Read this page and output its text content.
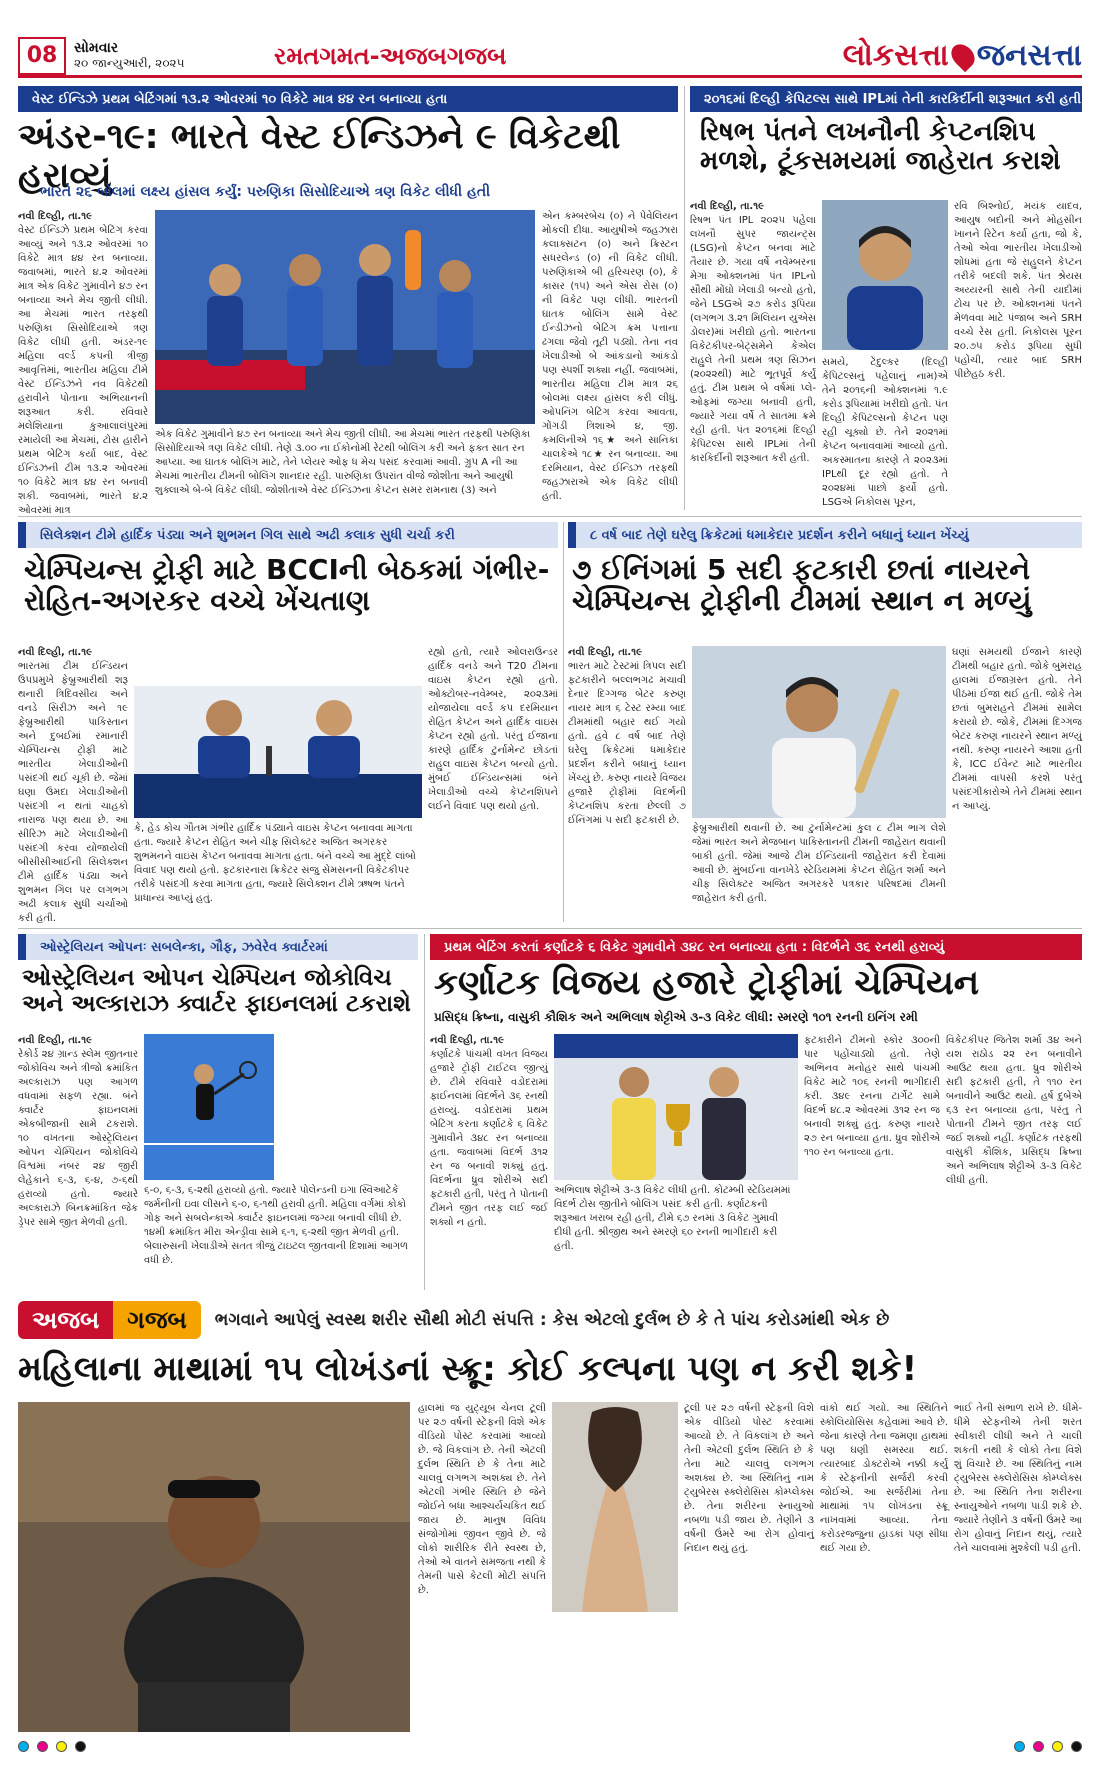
08	સોમવાર
૨૦ જાન્યુઆરી, ૨૦૨૫	રમતગમત-અજબગજબ	લોકસત્તા જનસત્તા
વેસ્ટ ઈન્ડિઝે પ્રથમ બેટિંગમાં ૧૩.૨ ઓવરમાં ૧૦ વિકેટે માત્ર ૪૪ રન બનાવ્યા હતા
અંડર-૧૯: ભારતે વેસ્ટ ઈન્ડિઝને ૯ વિકેટથી હરાવ્યું
ભારતે ૨૬ બોલમાં લક્ષ્ય હાંસલ કર્યું: પરુણિકા સિસોદિયાએ ત્રણ વિકેટ લીધી હતી
નવી દિલ્હી, તા.૧૯
વેસ્ટ ઈન્ડિઝે પ્રથમ બેટિંગ કરવા આવ્યું અને ૧૩.૨ ઓવરમાં ૧૦ વિકેટે માત્ર ૪૪ રન બનાવ્યા. જવાબમાં, ભારતે ૪.૨ ઓવરમાં માત્ર એક વિકેટ ગુમાવીને ૪૭ રન બનાવ્યા અને મેચ જીતી લીધી. આ મેચમાં ભારત તરફથી પરુણિકા સિસોદિયાએ ત્રણ વિકેટ લીધી હતી. અંડર-૧૯ મહિલા વર્લ્ડ કપની ત્રીજી આવૃત્તિમાં, ભારતીય મહિલા ટીમે વેસ્ટ ઈન્ડિઝને નવ વિકેટથી હરાવીને પોતાના અભિયાનની શરૂઆત કરી. રવિવારે મલેશિયાના કુઆલાલંપુરમાં રમાયેલી આ મેચમાં, ટોસ હારીને પ્રથમ બેટિંગ કર્યા બાદ, વેસ્ટ ઈન્ડિઝની ટીમ ૧૩.૨ ઓવરમાં ૧૦ વિકેટે માત્ર ૪૪ રન બનાવી શકી. જવાબમાં, ભારતે ૪.૨ ઓવરમાં માત્ર
એક વિકેટ ગુમાવીને ૪૭ રન બનાવ્યા અને મેચ જીતી લીધી. આ મેચમાં ભારત તરફથી પરુણિકા સિસોદિયાએ ત્રણ વિકેટ લીધી. તેણે ૩.૦૦ ના ઈકોનોમી રેટથી બોલિંગ કરી અને ફક્ત સાત રન આપ્યા. આ ઘાતક બોલિંગ માટે, તેને પ્લેયર ઓફ ધ મેચ પસંદ કરવામાં આવી. ગ્રુપ A ની આ મેચમાં ભારતીય ટીમની બોલિંગ શાનદાર રહી. પારુણિકા ઉપરાંત વીજે જોશીતા અને આયુષી શુક્લાએ બે-બે વિકેટ લીધી. જોશીતાએ વેસ્ટ ઈન્ડિઝના કેપ્ટન સમર રામનાથ (૩) અને
એન કમ્બરબેચ (૦) ને પેવેલિયન મોકલી દીધા. આયુષીએ જહઝારા કલાક્સટન (૦) અને ક્રિસ્ટન સધરલેન્ડ (૦) ની વિકેટ લીધી. પરુણિકાએ બી હરિચરણ (૦), કે કાસર (૧૫) અને એસ રોસ (૦) ની વિકેટ પણ લીધી. ભારતની ઘાતક બોલિંગ સામે વેસ્ટ ઈન્ડીઝનો બેટિંગ ક્રમ પત્તાના ઢગલા જેવો તૂટી પડ્યો. તેના નવ ખેલાડીઓ બે આંકડાનો આંકડો પણ સ્પર્શી શક્યા નહીં. જવાબમાં, ભારતીય મહિલા ટીમ માત્ર ૨૬ બોલમાં લક્ષ્ય હાંસલ કરી લીધું. ઓપનિંગ બેટિંગ કરવા આવતા, ગોંગડી ત્રિશાએ ૪, જી. કમલિનીએ ૧૬★ અને સાનિકા ચાલકેએ ૧૮★ રન બનાવ્યા. આ દરમિયાન, વેસ્ટ ઈન્ડિઝ તરફથી જહઝારાએ એક વિકેટ લીધી હતી.
૨૦૧૬માં દિલ્હી કેપિટલ્સ સાથે IPLમાં તેની કારકિર્દીની શરૂઆત કરી હતી
રિષભ પંતને લખનૌની કેપ્ટનશિપ મળશે, ટૂંકસમયમાં જાહેરાત કરાશે
નવી દિલ્હી, તા.૧૯
રિષભ પંત IPL ૨૦૨૫ પહેલા લખનૌ સુપર જાયન્ટ્સ (LSG)નો કેપ્ટન બનવા માટે તૈયાર છે. ગયા વર્ષે નવેમ્બરના મેગા ઓક્શનમાં પંત IPLનો સૌથી મોંઘો ખેલાડી બન્યો હતો, જેને LSGએ ૨૭ કરોડ રૂપિયા (લગભગ ૩.૨૧ મિલિયન યુએસ ડોલર)માં ખરીદ્યો હતો. ભારતના વિકેટકીપર-બેટ્સમેને કેએલ રાહુલે તેની પ્રથમ ત્રણ સિઝન (૨૦૨૨થી) માટે ભૂતપૂર્વ કર્યું હતું. ટીમ પ્રથમ બે વર્ષમાં પ્લે-ઓફમાં જગ્યા બનાવી હતી, જ્યારે ગયા વર્ષે તે સાતમા ક્રમે રહી હતી. પંત ૨૦૧૬માં દિલ્હી કેપિટલ્સ સાથે IPLમાં તેની કારકિર્દીની શરૂઆત કરી હતી.
સમયે, ટેંદુલ્કર (દિલ્હી કેપિટલ્સનું પહેલાનું નામ)એ તેને ૨૦૧૬ની ઓક્શનમાં ૧.૯ કરોડ રૂપિયામાં ખરીદ્યો હતો. પંત દિલ્હી કેપિટલ્સનો કેપ્ટન પણ રહી ચૂક્યો છે. તેને ૨૦૨૧માં કેપ્ટન બનાવવામાં આવ્યો હતો. અકસ્માતના કારણે તે ૨૦૨૩માં IPLથી દૂર રહ્યો હતો. તે ૨૦૨૪માં પાછો ફર્યો હતો. LSGએ નિકોલસ પૂરન,
રવિ બિશ્નોઈ, મયંક યાદવ, આયુષ બદોની અને મોહસીન ખાનને રિટેન કર્યા હતા, જો કે, તેઓ એવા ભારતીય ખેલાડીઓ શોધમાં હતા જે રાહુલને કેપ્ટન તરીકે બદલી શકે. પંત શ્રેયસ અય્યરની સાથે તેની યાદીમાં ટોચ પર છે. ઓક્શનમાં પંતને મેળવવા માટે પંજાબ અને SRH વચ્ચે રેસ હતી. નિકોલસ પૂરન ૨૦.૭૫ કરોડ રૂપિયા સુધી પહોંચી, ત્યાર બાદ SRH પીછેહઠ કરી.
સિલેક્શન ટીમે હાર્દિક પંડ્યા અને શુભમન ગિલ સાથે અઢી કલાક સુધી ચર્ચા કરી
ચેમ્પિયન્સ ટ્રોફી માટે BCCIની બેઠકમાં ગંભીર-રોહિત-અગરકર વચ્ચે ખેંચતાણ
નવી દિલ્હી, તા.૧૯
ભારતમાં ટીમ ઈન્ડિયન ઉપપ્રમુખે ફેબ્રુઆરીથી શરૂ થનારી ત્રિદિવસીય અને વનડે સિરીઝ અને ૧૯ ફેબ્રુઆરીથી પાકિસ્તાન અને દુબઈમાં રમાનારી ચેમ્પિયન્સ ટ્રોફી માટે ભારતીય ખેલાડીઓની પસંદગી થઈ ચૂકી છે. જેમાં ઘણા ઉમદા ખેલાડીઓની પસંદગી ન થતાં ચાહકો નારાજ પણ થયા છે. આ સીરિઝ માટે ખેલાડીઓની પસંદગી કરવા યોજાયેલી બીસીસીઆઈની સિલેક્શન ટીમે હાર્દિક પંડ્યા અને શુભમન ગિલ પર લગભગ અઢી કલાક સુધી ચર્ચાઓ કરી હતી.
કે, હેડ કોચ ગૌતમ ગંભીર હાર્દિક પંડ્યાને વાઇસ કેપ્ટન બનાવવા માગતા હતા. જ્યારે કેપ્ટન રોહિત અને ચીફ સિલેક્ટર અજિત અગરકર શુભમનને વાઇસ કેપ્ટન બનાવવા માગતા હતા. બંને વચ્ચે આ મુદ્દે લાંબો વિવાદ પણ થયો હતો. ફટકારનારા ક્રિકેટર સંજુ સેમસનની વિકેટકીપર તરીકે પસંદગી કરવા માગતા હતા, જ્યારે સિલેક્શન ટીમે ઋષભ પંતને પ્રાધાન્ય આપ્યું હતું.
રહ્યો હતો, ત્યારે ઓલરાઉન્ડર હાર્દિક વનડે અને T20 ટીમના વાઇસ કેપ્ટન રહ્યો હતો. ઓક્ટોબર-નવેમ્બર, ૨૦૨૩માં યોજાયેલા વર્લ્ડ કપ દરમિયાન રોહિત કેપ્ટન અને હાર્દિક વાઇસ કેપ્ટન રહ્યો હતો. પરંતુ ઈજાના કારણે હાર્દિક ટુર્નામેન્ટ છોડતાં રાહુલ વાઇસ કેપ્ટન બન્યો હતો. મુંબઈ ઈન્ડિયન્સમાં બંને ખેલાડીઓ વચ્ચે કેપ્ટનશિપને લઈને વિવાદ પણ થયો હતો.
૮ વર્ષ બાદ તેણે ઘરેલુ ક્રિકેટમાં ધમાકેદાર પ્રદર્શન કરીને બધાનું ધ્યાન ખેંચ્યું
૭ ઈનિંગમાં 5 સદી ફટકારી છતાં નાયરને ચેમ્પિયન્સ ટ્રોફીની ટીમમાં સ્થાન ન મળ્યું
નવી દિલ્હી, તા.૧૯
ભારત માટે ટેસ્ટમાં ત્રિપલ સદી ફટકારીને બલ્લભગઢ મચાવી દેનાર દિગ્ગજ બેટર કરુણ નાયર માત્ર ૬ ટેસ્ટ રમ્યા બાદ ટીમમાંથી બહાર થઈ ગયો હતો. હવે ૮ વર્ષ બાદ તેણે ઘરેલુ ક્રિકેટમાં ધમાકેદાર પ્રદર્શન કરીને બધાનું ધ્યાન ખેંચ્યું છે. કરુણ નાયરે વિજય હજારે ટ્રોફીમાં વિદર્ભની કેપ્ટનશિપ કરતા છેલ્લી ૭ ઈનિંગમાં ૫ સદી ફટકારી છે.
ફેબ્રુઆરીથી થવાની છે. આ ટુર્નામેન્ટમાં કુલ ૮ ટીમ ભાગ લેશે જેમાં ભારત અને મેજબાન પાકિસ્તાનની ટીમની જાહેરાત થવાની બાકી હતી. જેમાં આજે ટીમ ઈન્ડિયાની જાહેરાત કરી દેવામાં આવી છે. મુંબઈના વાનખેડે સ્ટેડિયમમાં કેપ્ટન રોહિત શર્મા અને ચીફ સિલેક્ટર અજિત અગરકરે પત્રકાર પરિષદમાં ટીમની જાહેરાત કરી હતી.
ઘણાં સમયથી ઈજાને કારણે ટીમથી બહાર હતો. જોકે બુમરાહ હાલમાં ઈજાગ્રસ્ત હતો. તેને પીઠમાં ઈજા થઈ હતી. જોકે તેમ છતાં બુમરાહને ટીમમાં સામેલ કરાયો છે. જોકે, ટીમમાં દિગ્ગજ બેટર કરુણ નાયરને સ્થાન મળ્યું નથી. કરુણ નાયરને આશા હતી કે, ICC ઈવેન્ટ માટે ભારતીય ટીમમાં વાપસી કરશે પરંતુ પસંદગીકારોએ તેને ટીમમાં સ્થાન ન આપ્યું.
ઓસ્ટ્રેલિયન ઓપનઃ સબલેન્કા, ગૌફ, ઝવેરેવ ક્વાર્ટરમાં
ઓસ્ટ્રેલિયન ઓપન ચેમ્પિયન જોકોવિચ અને અલ્કારાઝ ક્વાર્ટર ફાઇનલમાં ટકરાશે
નવી દિલ્હી, તા.૧૯
રેકોર્ડ ૨૪ ગ્રાન્ડ સ્લેમ જીતનાર જોકોવિચ અને ત્રીજો ક્રમાંકિત અલ્કારાઝ પણ આગળ વધવામાં સફળ રહ્યા. બંને ક્વાર્ટર ફાઇનલમાં એકબીજાની સામે ટકરાશે. ૧૦ વખતના ઓસ્ટ્રેલિયન ઓપન ચેમ્પિયન જોકોવિચે વિશ્વમાં નંબર ૨૪ જીરી લેહેકાને ૬-૩, ૬-૪, ૭-૬થી હરાવ્યો હતો. જ્યારે અલ્કારાઝે બિનક્રમાંકિત જેક ડ્રેપર સામે જીત મેળવી હતી.
૬-૦, ૬-૩, ૬-૨થી હરાવ્યો હતો. જ્યારે પોલેન્ડની ઇગા સ્વિઆટેકે જર્મનીની ઇવા લીસને ૬-૦, ૬-૧થી હરાવી હતી. મહિલા વર્ગમાં કોકો ગોફ અને સબલેન્કાએ ક્વાર્ટર ફાઇનલમાં જગ્યા બનાવી લીધી છે. ૧૪મી ક્રમાંકિત મીરા એન્ડ્રીવા સામે ૬-૧, ૬-૨થી જીત મેળવી હતી. બેલારુસની ખેલાડીએ સતત ત્રીજું ટાઇટલ જીતવાની દિશામાં આગળ વધી છે.
પ્રથમ બેટિંગ કરતાં કર્ણાટકે ૬ વિકેટ ગુમાવીને ૩૪૮ રન બનાવ્યા હતા : વિદર્ભને ૩૬ રનથી હરાવ્યું
કર્ણાટક વિજય હજારે ટ્રોફીમાં ચેમ્પિયન
પ્રસિદ્ધ ક્રિષ્ના, વાસુકી કૌશિક અને અભિલાષ શેટ્ટીએ ૩-૩ વિકેટ લીધી: સ્મરણે ૧૦૧ રનની ઇનિંગ રમી
નવી દિલ્હી, તા.૧૯
કર્ણાટકે પાંચમી વખત વિજય હજારે ટ્રોફી ટાઈટલ જીત્યું છે. ટીમે રવિવારે વડોદરામાં ફાઈનલમાં વિદર્ભને ૩૬ રનથી હરાવ્યું. વડોદરામાં પ્રથમ બેટિંગ કરતા કર્ણાટકે ૬ વિકેટ ગુમાવીને ૩૪૮ રન બનાવ્યા હતા. જવાબમાં વિદર્ભ ૩૧૨ રન જ બનાવી શક્યું હતું. વિદર્ભના ધ્રુવ શોરીએ સદી ફટકારી હતી, પરંતુ તે પોતાની ટીમને જીત તરફ લઈ જઈ શક્યો ન હતો.
અભિલાષ શેટ્ટીએ ૩-૩ વિકેટ લીધી હતી. કોટમ્બી સ્ટેડિયમમાં વિદર્ભ ટોસ જીતીને બોલિંગ પસંદ કરી હતી. કર્ણાટકની શરૂઆત ખરાબ રહી હતી, ટીમે ૬૭ રનમાં ૩ વિકેટ ગુમાવી દીધી હતી. શ્રીજીથ અને સ્મરણે ૬૦ રનની ભાગીદારી કરી હતી.
ફટકારીને ટીમનો સ્કોર ૩૦૦ની પાર પહોંચાડ્યો હતો. તેણે અભિનવ મનોહર સાથે પાંચમી વિકેટ માટે ૧૦૬ રનની ભાગીદારી કરી. ૩૪૯ રનના ટાર્ગેટ સામે વિદર્ભ ૪૮.૨ ઓવરમાં ૩૧૨ રન જ બનાવી શક્યું હતું. કરુણ નાયરે ૨૭ રન બનાવ્યા હતા. ધ્રુવ શોરીએ ૧૧૦ રન બનાવ્યા હતા.
વિકેટકીપર જિતેશ શર્મા ૩૪ અને યશ રાઠોડ ૨૨ રન બનાવીને આઉટ થયા હતા. ધ્રુવ શોરીએ સદી ફટકારી હતી, તે ૧૧૦ રન બનાવીને આઉટ થયો. હર્ષ દુબેએ ૬૩ રન બનાવ્યા હતા, પરંતુ તે પોતાની ટીમને જીત તરફ લઈ જઈ શક્યો નહીં. કર્ણાટક તરફથી વાસુકી કૌશિક, પ્રસિદ્ધ ક્રિષ્ના અને અભિલાષ શેટ્ટીએ ૩-૩ વિકેટ લીધી હતી.
અજબ	ગજબ	ભગવાને આપેલું સ્વસ્થ શરીર સૌથી મોટી સંપત્તિ : કેસ એટલો દુર્લભ છે કે તે પાંચ કરોડમાંથી એક છે
મહિલાના માથામાં ૧૫ લોખંડનાં સ્ક્રૂ: કોઈ કલ્પના પણ ન કરી શકે!
હાલમાં જ યુટ્યૂબ ચેનલ ટૂલી પર ૨૭ વર્ષની સ્ટેફની વિશે એક વીડિયો પોસ્ટ કરવામાં આવ્યો છે. જે વિકલાંગ છે. તેની એટલી દુર્લભ સ્થિતિ છે કે તેના માટે ચાલવું લગભગ અશક્ય છે. તેને એટલી ગંભીર સ્થિતિ છે જેને જોઈને બધા આશ્ચર્યચકિત થઈ જાય છે. માનુષ વિવિધ સંજોગોમાં જીવન જીવે છે. જે લોકો શારીરિક રીતે સ્વસ્થ છે, તેઓ એ વાતને સમજતા નથી કે તેમની પાસે કેટલી મોટી સંપત્તિ છે.
ટૂલી પર ૨૭ વર્ષની સ્ટેફની વિશે એક વીડિયો પોસ્ટ કરવામાં આવ્યો છે. તે વિકલાંગ છે અને તેની એટલી દુર્લભ સ્થિતિ છે કે તેના માટે ચાલવું લગભગ અશક્ય છે. આ સ્થિતિનું નામ ટ્યુબેરસ સ્ક્લેરોસિસ કોમ્પ્લેક્સ છે. તેના શરીરના સ્નાયુઓ નબળા પડી જાય છે. તેણીને ૩ વર્ષની ઉંમરે આ રોગ હોવાનું નિદાન થયું હતું.
વાંકો થઈ ગયો. આ સ્થિતિને સ્કોલિયોસિસ કહેવામાં આવે છે. જેના કારણે તેના જમણા હાથમાં પણ ઘણી સમસ્યા થઈ. ત્યારબાદ ડોક્ટરોએ નક્કી કર્યું કે સ્ટેફનીની સર્જરી કરવી જોઈએ. આ સર્જરીમાં તેના માથામાં ૧૫ લોખંડના સ્ક્રૂ નાખવામાં આવ્યા. તેના કરોડરજ્જુના હાડકાં પણ સીધા થઈ ગયા છે.
ભાઈ તેની સંભાળ રાખે છે. ધીમે-ધીમે સ્ટેફનીએ તેની શરત સ્વીકારી લીધી અને તે ચાલી શકતી નથી કે લોકો તેના વિશે શું વિચારે છે. આ સ્થિતિનું નામ ટ્યુબેરસ સ્ક્લેરોસિસ કોમ્પ્લેક્સ છે. આ સ્થિતિ તેના શરીરના સ્નાયુઓને નબળા પાડી શકે છે. જ્યારે તેણીને ૩ વર્ષની ઉંમરે આ રોગ હોવાનું નિદાન થયું, ત્યારે તેને ચાલવામાં મુશ્કેલી પડી હતી.
